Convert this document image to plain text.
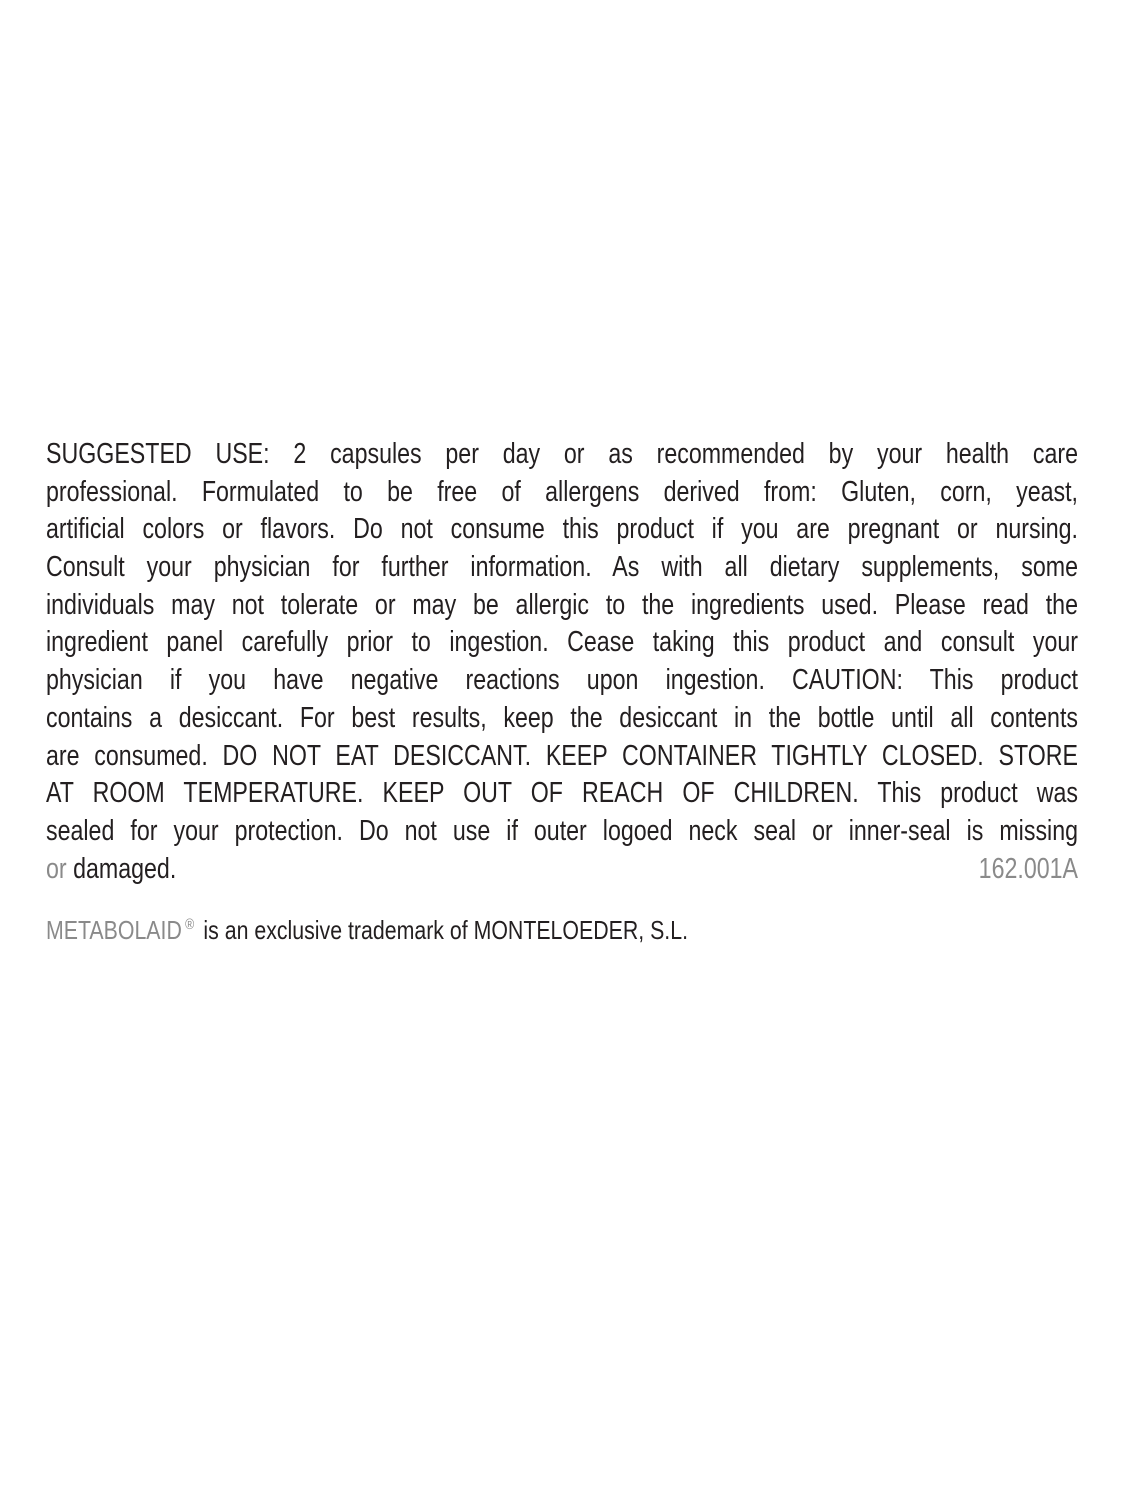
SUGGESTED USE: 2 capsules per day or as recommended by your health care
professional. Formulated to be free of allergens derived from: Gluten, corn, yeast,
artificial colors or flavors. Do not consume this product if you are pregnant or nursing.
Consult your physician for further information. As with all dietary supplements, some
individuals may not tolerate or may be allergic to the ingredients used. Please read the
ingredient panel carefully prior to ingestion. Cease taking this product and consult your
physician if you have negative reactions upon ingestion. CAUTION: This product
contains a desiccant. For best results, keep the desiccant in the bottle until all contents
are consumed. DO NOT EAT DESICCANT. KEEP CONTAINER TIGHTLY CLOSED. STORE
AT ROOM TEMPERATURE. KEEP OUT OF REACH OF CHILDREN. This product was
sealed for your protection. Do not use if outer logoed neck seal or inner-seal is missing
or damaged.	162.001A
METABOLAID ® is an exclusive trademark of MONTELOEDER, S.L.
